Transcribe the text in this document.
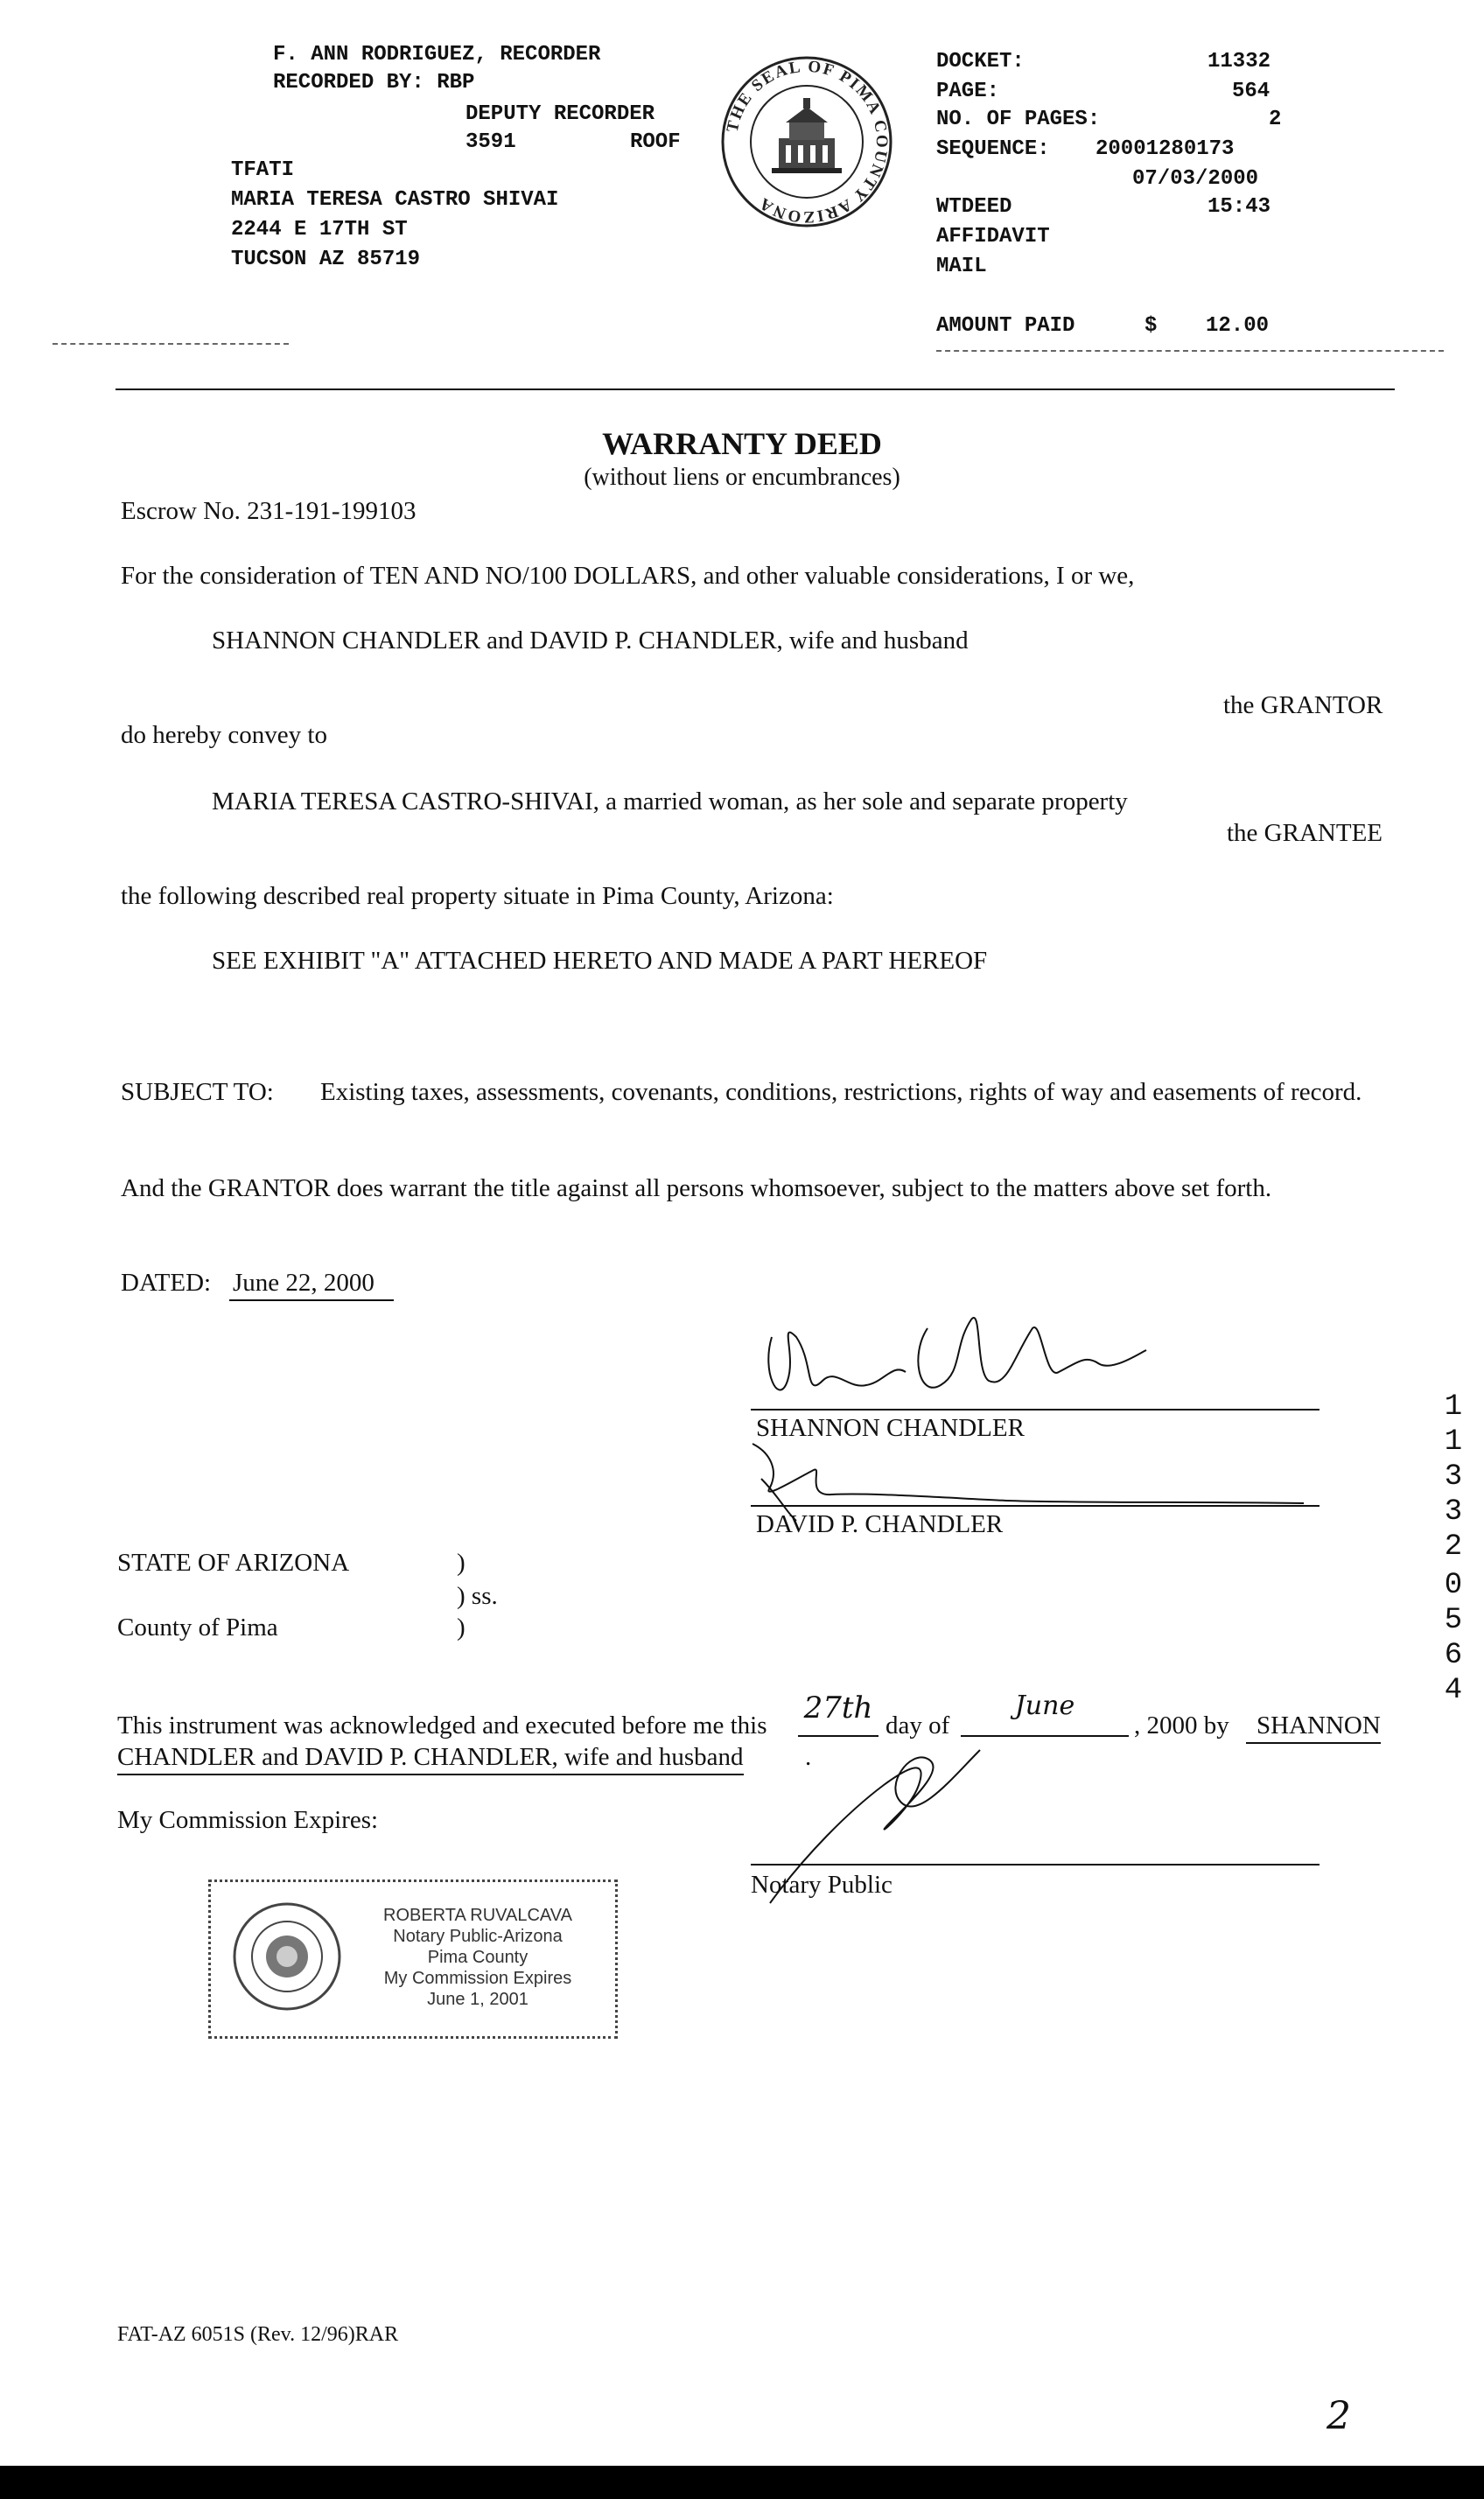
F. ANN RODRIGUEZ, RECORDER
RECORDED BY: RBP
DEPUTY RECORDER
3591	ROOF
TFATI
MARIA TERESA CASTRO SHIVAI
2244 E 17TH ST
TUCSON AZ 85719
THE SEAL OF PIMA COUNTY ARIZONA
DOCKET:	11332
PAGE:	564
NO. OF PAGES:	2
SEQUENCE: 20001280173
07/03/2000
WTDEED	15:43
AFFIDAVIT
MAIL
AMOUNT PAID	$ 12.00
WARRANTY DEED
(without liens or encumbrances)
Escrow No. 231-191-199103
For the consideration of TEN AND NO/100 DOLLARS, and other valuable considerations, I or we,
SHANNON CHANDLER and DAVID P. CHANDLER, wife and husband
the GRANTOR
do hereby convey to
MARIA TERESA CASTRO-SHIVAI, a married woman, as her sole and separate property
the GRANTEE
the following described real property situate in Pima County, Arizona:
SEE EXHIBIT "A" ATTACHED HERETO AND MADE A PART HEREOF
SUBJECT TO: Existing taxes, assessments, covenants, conditions, restrictions, rights of way and easements of record.
And the GRANTOR does warrant the title against all persons whomsoever, subject to the matters above set forth.
DATED: June 22, 2000
SHANNON CHANDLER
DAVID P. CHANDLER
1
1
3
3
2
0
5
6
4
STATE OF ARIZONA	)
) ss.
County of Pima	)
This instrument was acknowledged and executed before me this 27th day of
June
, 2000 by	SHANNON
CHANDLER and DAVID P. CHANDLER, wife and husband .
My Commission Expires:
Notary Public
ROBERTA RUVALCAVA
Notary Public-Arizona
Pima County
My Commission Expires
June 1, 2001
FAT-AZ 6051S (Rev. 12/96)RAR
2
